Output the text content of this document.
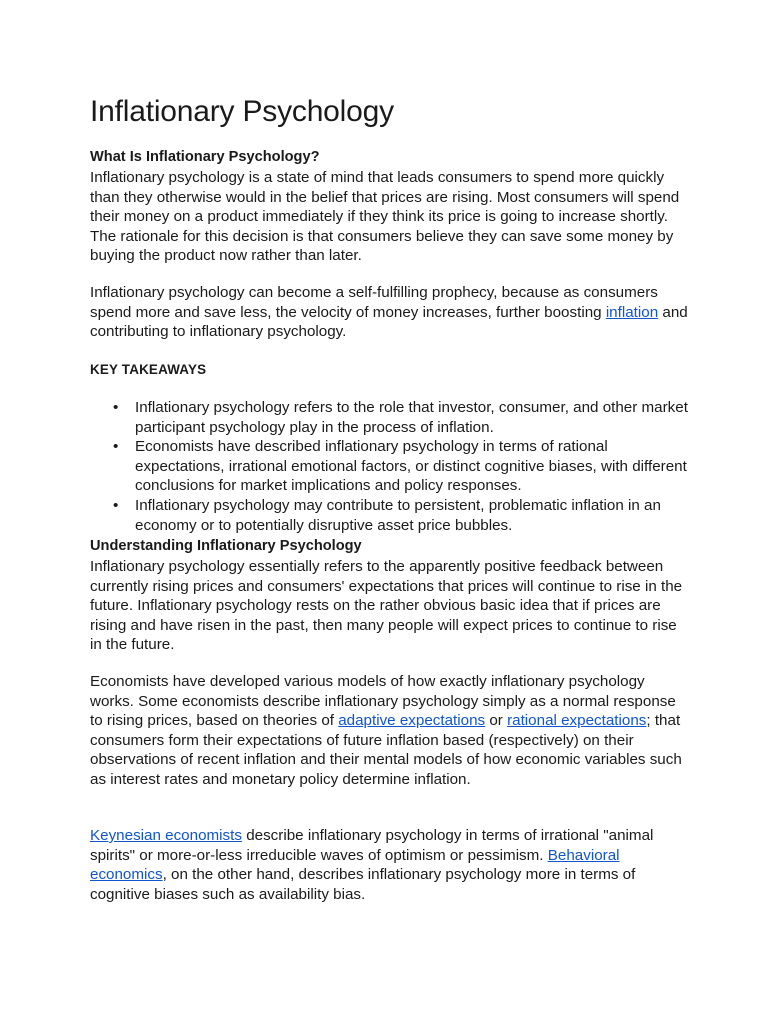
Inflationary Psychology
What Is Inflationary Psychology?
Inflationary psychology is a state of mind that leads consumers to spend more quickly than they otherwise would in the belief that prices are rising. Most consumers will spend their money on a product immediately if they think its price is going to increase shortly. The rationale for this decision is that consumers believe they can save some money by buying the product now rather than later.
Inflationary psychology can become a self-fulfilling prophecy, because as consumers spend more and save less, the velocity of money increases, further boosting inflation and contributing to inflationary psychology.
KEY TAKEAWAYS
• Inflationary psychology refers to the role that investor, consumer, and other market participant psychology play in the process of inflation.
• Economists have described inflationary psychology in terms of rational expectations, irrational emotional factors, or distinct cognitive biases, with different conclusions for market implications and policy responses.
• Inflationary psychology may contribute to persistent, problematic inflation in an economy or to potentially disruptive asset price bubbles.
Understanding Inflationary Psychology
Inflationary psychology essentially refers to the apparently positive feedback between currently rising prices and consumers' expectations that prices will continue to rise in the future. Inflationary psychology rests on the rather obvious basic idea that if prices are rising and have risen in the past, then many people will expect prices to continue to rise in the future.
Economists have developed various models of how exactly inflationary psychology works. Some economists describe inflationary psychology simply as a normal response to rising prices, based on theories of adaptive expectations or rational expectations; that consumers form their expectations of future inflation based (respectively) on their observations of recent inflation and their mental models of how economic variables such as interest rates and monetary policy determine inflation.
Keynesian economists describe inflationary psychology in terms of irrational "animal spirits" or more-or-less irreducible waves of optimism or pessimism. Behavioral economics, on the other hand, describes inflationary psychology more in terms of cognitive biases such as availability bias.
